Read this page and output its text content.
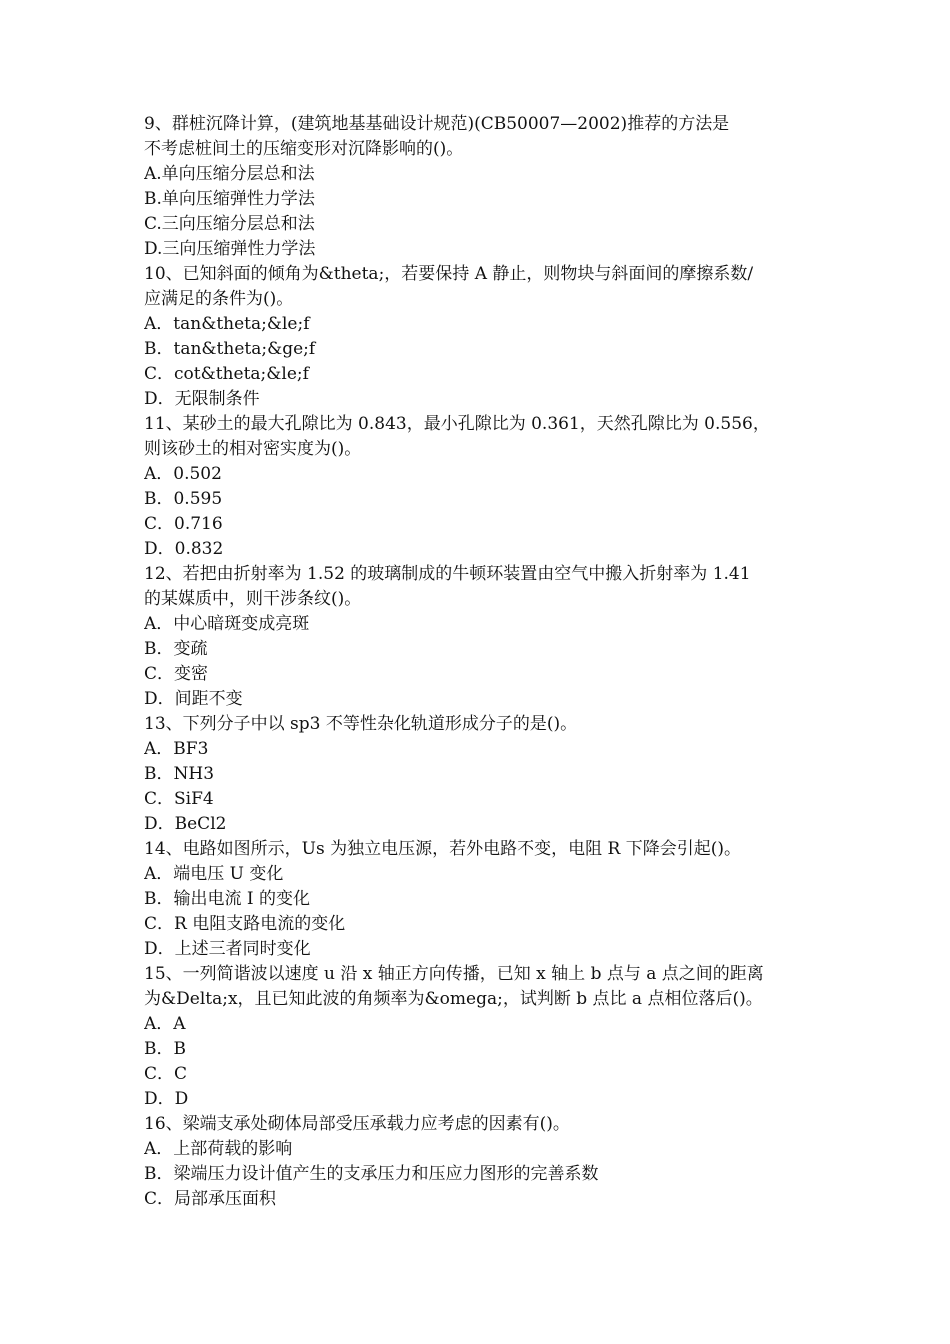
9、群桩沉降计算，(建筑地基基础设计规范)(CB50007—2002)推荐的方法是
不考虑桩间土的压缩变形对沉降影响的()。
A.单向压缩分层总和法
B.单向压缩弹性力学法
C.三向压缩分层总和法
D.三向压缩弹性力学法
10、已知斜面的倾角为&theta;，若要保持 A 静止，则物块与斜面间的摩擦系数/
应满足的条件为()。
A．tan&theta;&le;f
B．tan&theta;&ge;f
C．cot&theta;&le;f
D．无限制条件
11、某砂土的最大孔隙比为 0.843，最小孔隙比为 0.361，天然孔隙比为 0.556，
则该砂土的相对密实度为()。
A．0.502
B．0.595
C．0.716
D．0.832
12、若把由折射率为 1.52 的玻璃制成的牛顿环装置由空气中搬入折射率为 1.41
的某媒质中，则干涉条纹()。
A．中心暗斑变成亮斑
B．变疏
C．变密
D．间距不变
13、下列分子中以 sp3 不等性杂化轨道形成分子的是()。
A．BF3
B．NH3
C．SiF4
D．BeCl2
14、电路如图所示，Us 为独立电压源，若外电路不变，电阻 R 下降会引起()。
A．端电压 U 变化
B．输出电流 I 的变化
C．R 电阻支路电流的变化
D．上述三者同时变化
15、一列简谐波以速度 u 沿 x 轴正方向传播，已知 x 轴上 b 点与 a 点之间的距离
为&Delta;x，且已知此波的角频率为&omega;，试判断 b 点比 a 点相位落后()。
A．A
B．B
C．C
D．D
16、梁端支承处砌体局部受压承载力应考虑的因素有()。
A．上部荷载的影响
B．梁端压力设计值产生的支承压力和压应力图形的完善系数
C．局部承压面积
